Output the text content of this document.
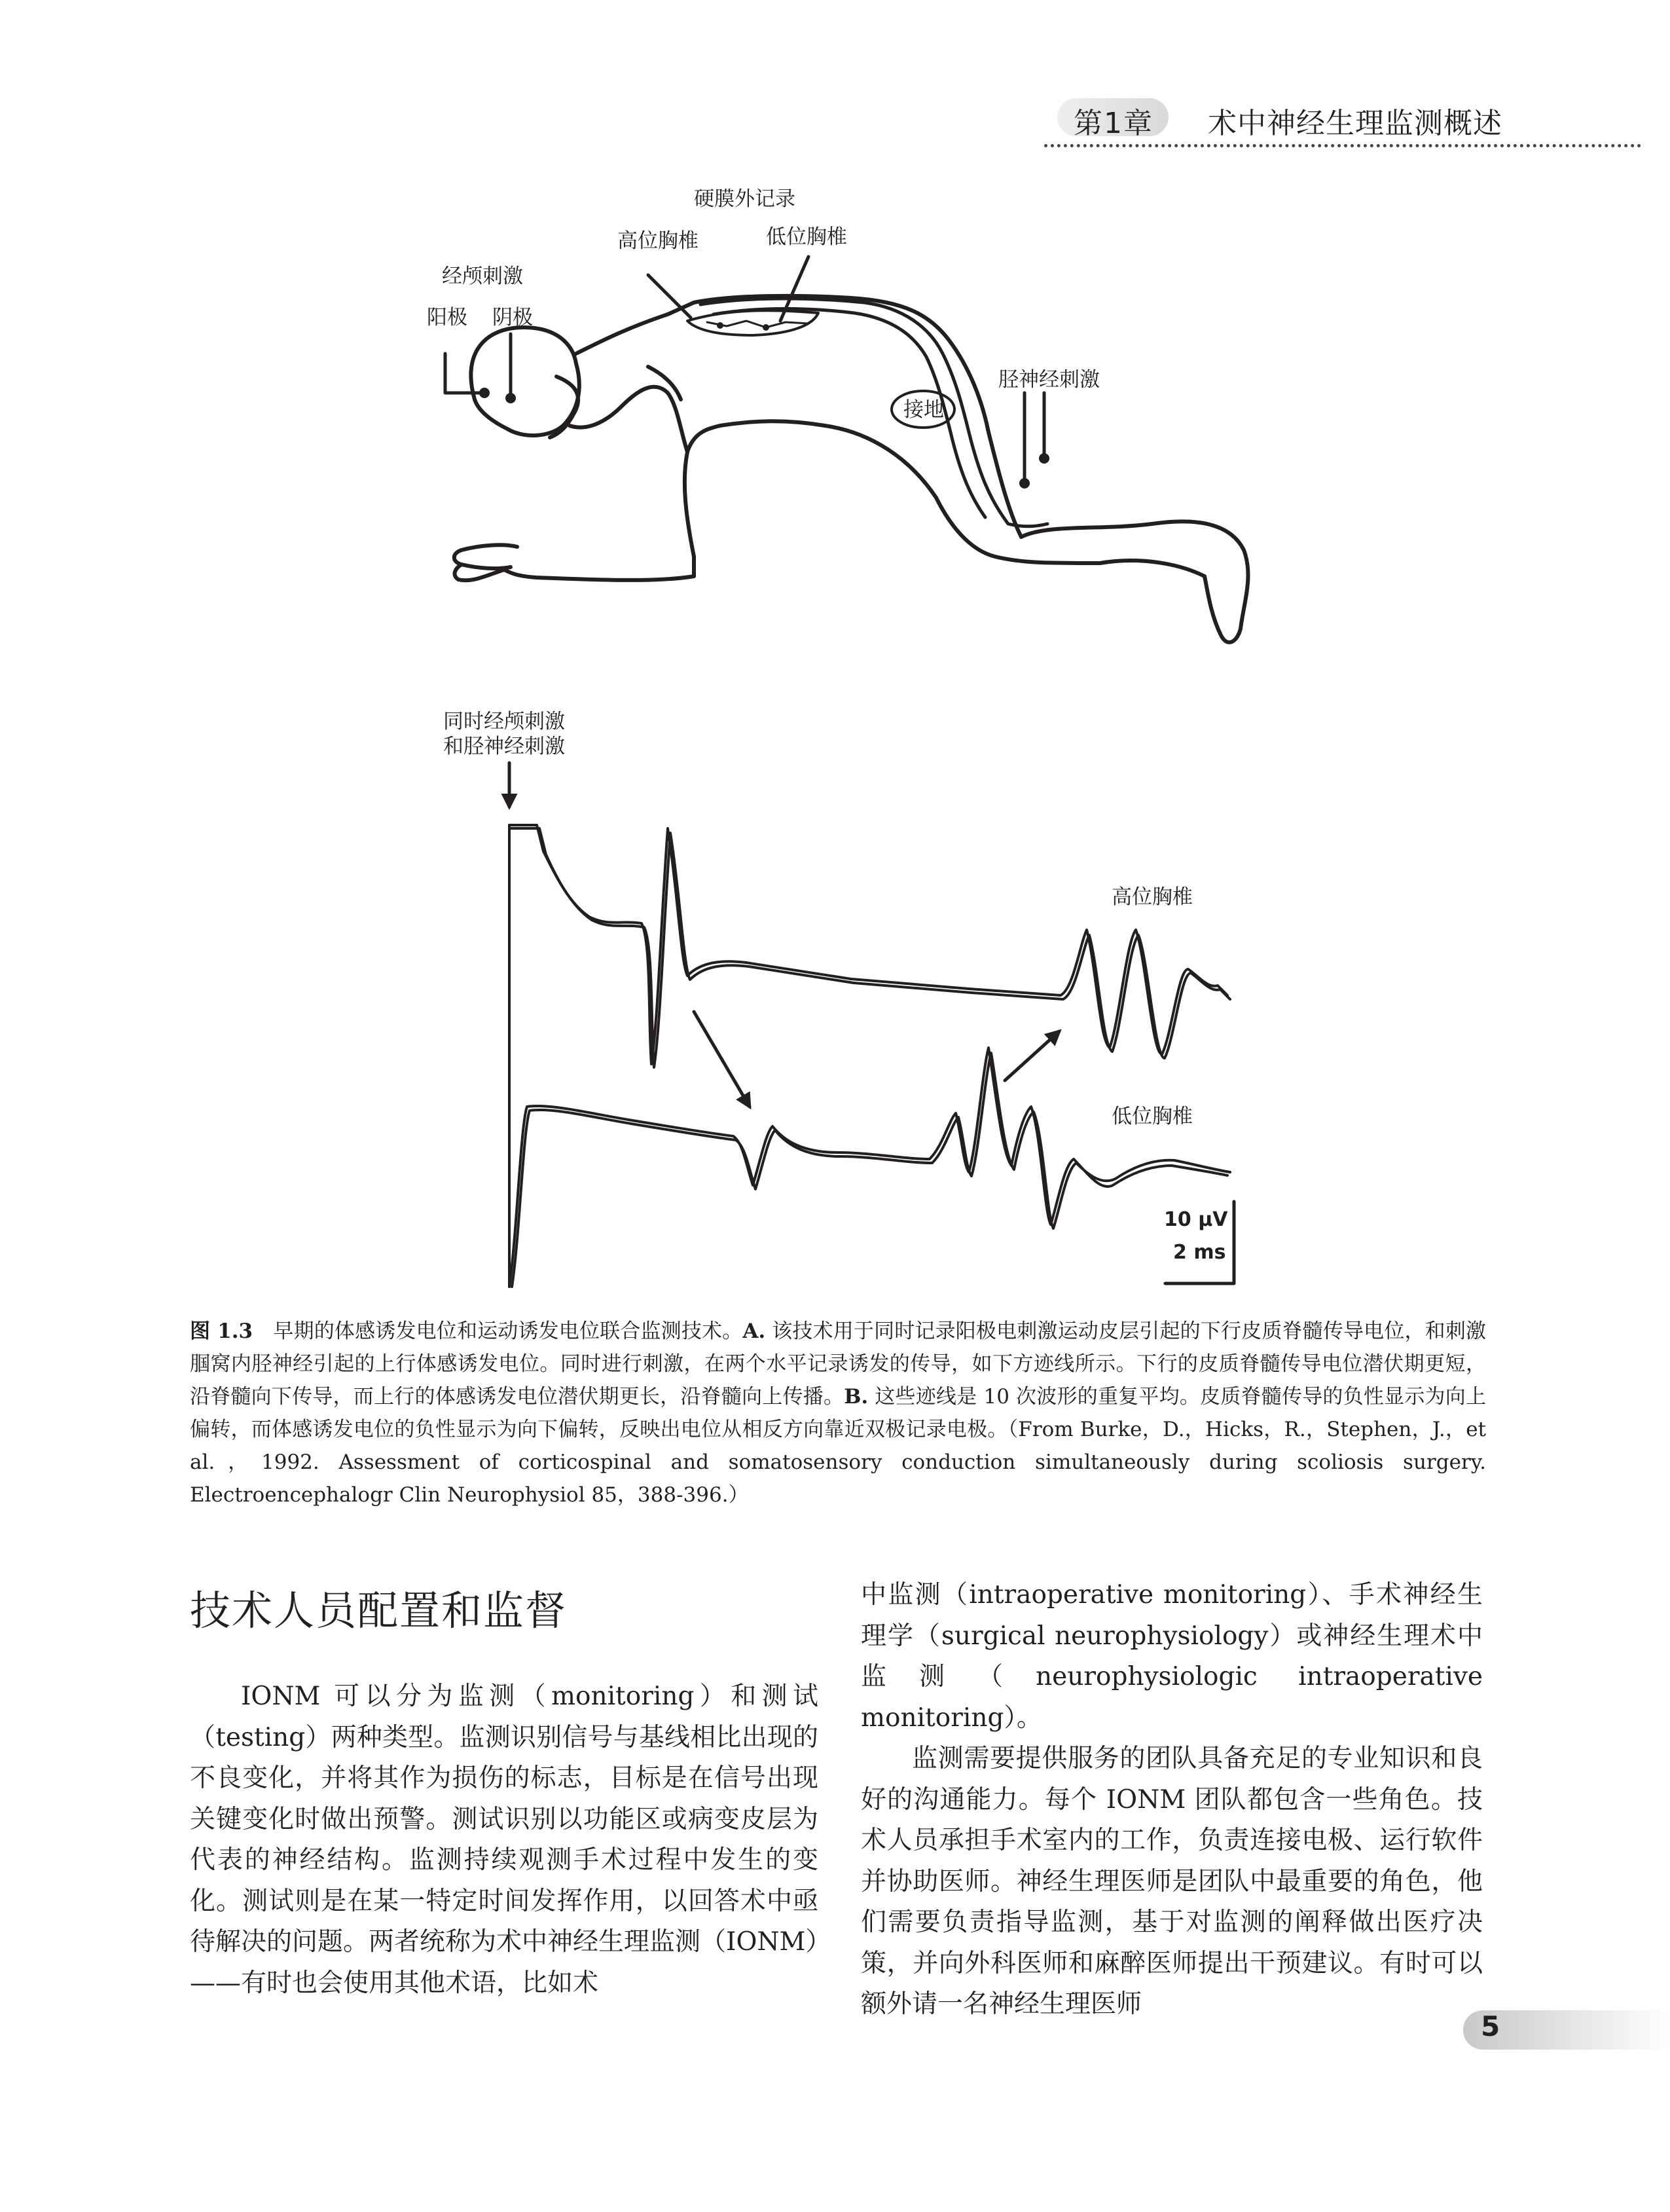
第1章 术中神经生理监测概述
硬膜外记录
高位胸椎	低位胸椎
经颅刺激
阳极 阴极
接地
胫神经刺激
同时经颅刺激
和胫神经刺激
高位胸椎
低位胸椎
10 μV
2 ms

图 1.3　 早期的体感诱发电位和运动诱发电位联合监测技术。A. 该技术用于同时记录阳极电刺激运动皮层引起的下行皮质脊髓传导电位，和刺激腘窝内胫神经引起的上行体感诱发电位。同时进行刺激，在两个水平记录诱发的传导，如下方迹线所示。下行的皮质脊髓传导电位潜伏期更短，沿脊髓向下传导，而上行的体感诱发电位潜伏期更长，沿脊髓向上传播。B. 这些迹线是 10 次波形的重复平均。皮质脊髓传导的负性显示为向上偏转，而体感诱发电位的负性显示为向下偏转，反映出电位从相反方向靠近双极记录电极。（From Burke，D.，Hicks，R.，Stephen，J.，et al.，1992. Assessment of corticospinal and somatosensory conduction simultaneously during scoliosis surgery. Electroencephalogr Clin Neurophysiol 85，388-396.）

技术人员配置和监督

IONM 可以分为监测（monitoring）和测试（testing）两种类型。监测识别信号与基线相比出现的不良变化，并将其作为损伤的标志，目标是在信号出现关键变化时做出预警。测试识别以功能区或病变皮层为代表的神经结构。监测持续观测手术过程中发生的变化。测试则是在某一特定时间发挥作用，以回答术中亟待解决的问题。两者统称为术中神经生理监测（IONM）——有时也会使用其他术语，比如术

中监测（intraoperative monitoring）、手术神经生理学（surgical neurophysiology）或神经生理术中监测（neurophysiologic intraoperative monitoring）。

监测需要提供服务的团队具备充足的专业知识和良好的沟通能力。每个 IONM 团队都包含一些角色。技术人员承担手术室内的工作，负责连接电极、运行软件并协助医师。神经生理医师是团队中最重要的角色，他们需要负责指导监测，基于对监测的阐释做出医疗决策，并向外科医师和麻醉医师提出干预建议。有时可以额外请一名神经生理医师

5
